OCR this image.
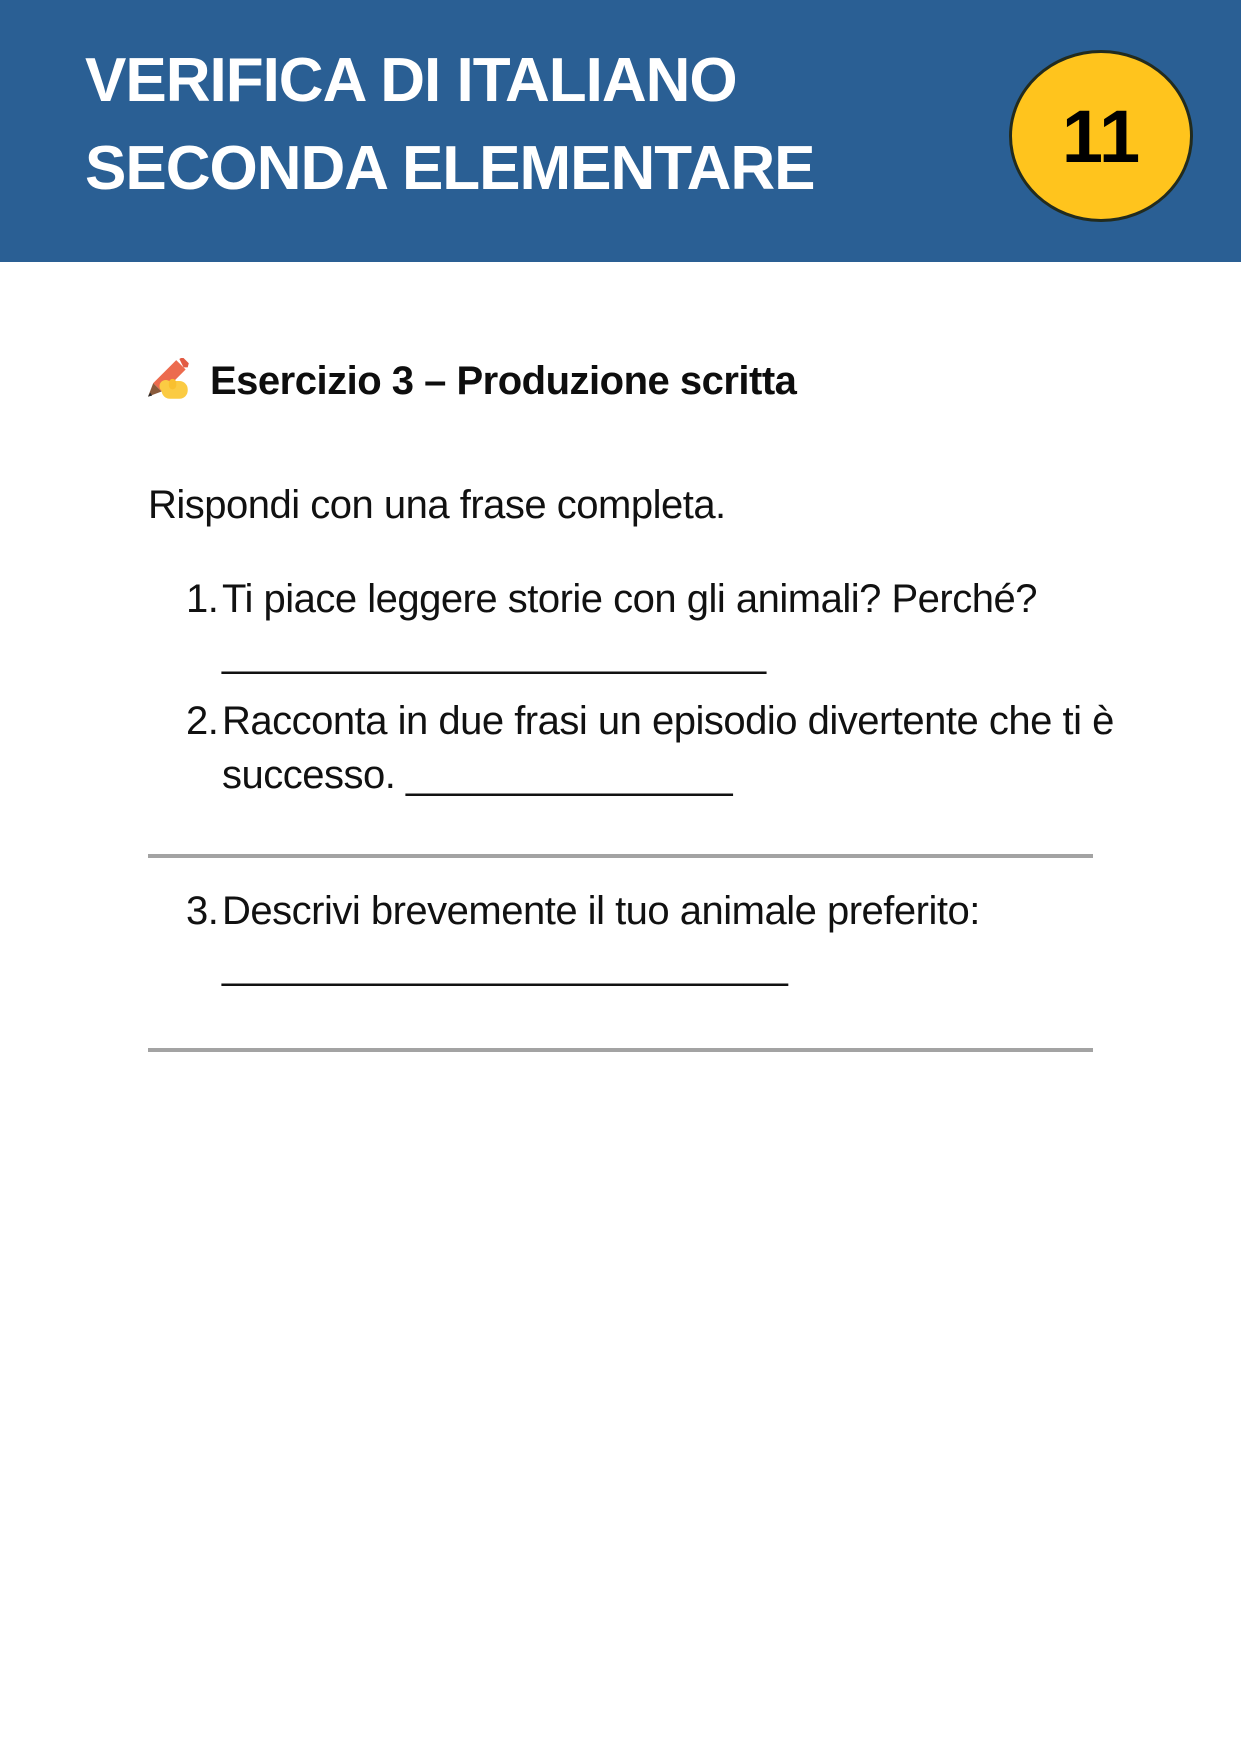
VERIFICA DI ITALIANO
SECONDA ELEMENTARE	11
Esercizio 3 – Produzione scritta

Rispondi con una frase completa.

1. Ti piace leggere storie con gli animali? Perché?
_________________________
2. Racconta in due frasi un episodio divertente che ti è
successo. _______________
3. Descrivi brevemente il tuo animale preferito:
__________________________
